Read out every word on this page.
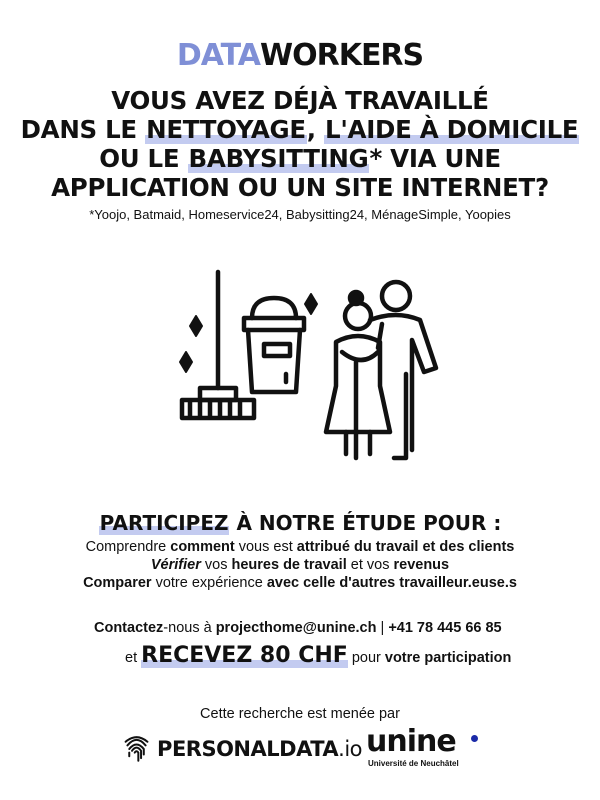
DATAWORKERS
VOUS AVEZ DÉJÀ TRAVAILLÉ
DANS LE NETTOYAGE, L'AIDE À DOMICILE
OU LE BABYSITTING* VIA UNE
APPLICATION OU UN SITE INTERNET?
*Yoojo, Batmaid, Homeservice24, Babysitting24, MénageSimple, Yoopies
PARTICIPEZ À NOTRE ÉTUDE POUR :
Comprendre comment vous est attribué du travail et des clients
Vérifier vos heures de travail et vos revenus
Comparer votre expérience avec celle d'autres travailleur.euse.s
Contactez-nous à projecthome@unine.ch | +41 78 445 66 85
et RECEVEZ 80 CHF pour votre participation
Cette recherche est menée par
PERSONALDATA.io unine
Université de Neuchâtel
